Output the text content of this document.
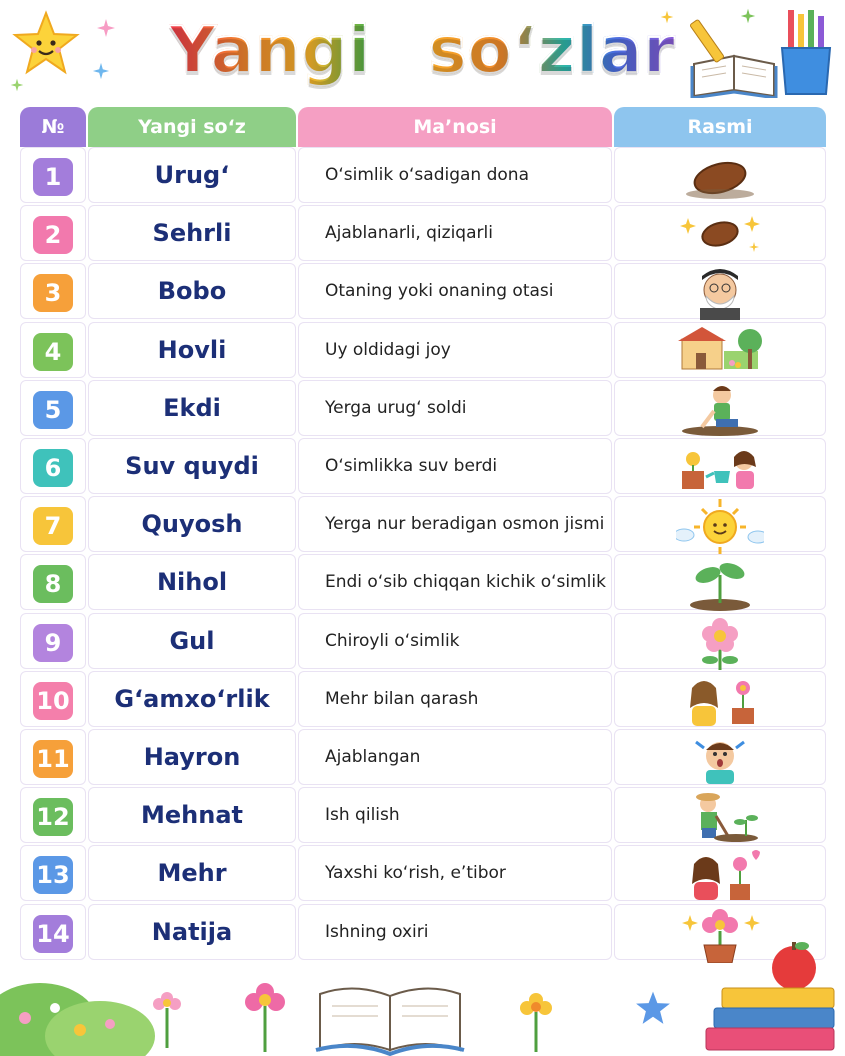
Yangi so‘zlar
№	Yangi so‘z	Ma’nosi	Rasmi
1	Urug‘	O‘simlik o‘sadigan dona
2	Sehrli	Ajablanarli, qiziqarli
3	Bobo	Otaning yoki onaning otasi
4	Hovli	Uy oldidagi joy
5	Ekdi	Yerga urug‘ soldi
6	Suv quydi	O‘simlikka suv berdi
7	Quyosh	Yerga nur beradigan osmon jismi
8	Nihol	Endi o‘sib chiqqan kichik o‘simlik
9	Gul	Chiroyli o‘simlik
10	G‘amxo‘rlik	Mehr bilan qarash
11	Hayron	Ajablangan
12	Mehnat	Ish qilish
13	Mehr	Yaxshi ko‘rish, e’tibor
14	Natija	Ishning oxiri
